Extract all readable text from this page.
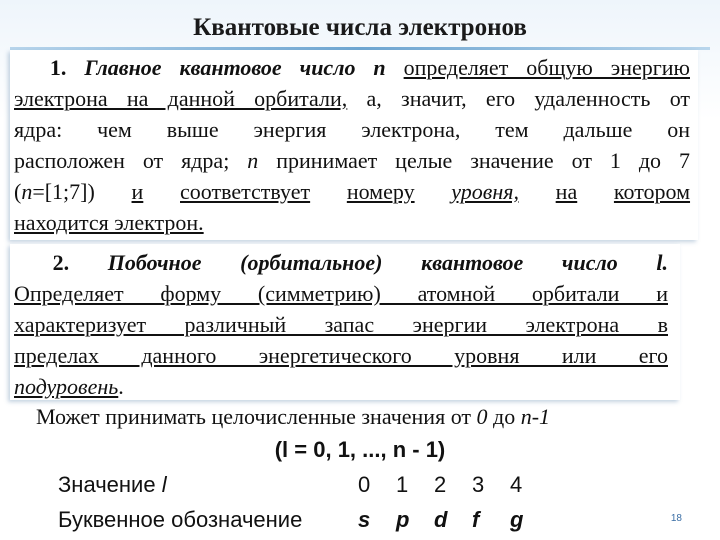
Квантовые числа электронов
1. Главное квантовое число n определяет общую энергию
электрона на данной орбитали, а, значит, его удаленность от
ядра: чем выше энергия электрона, тем дальше он
расположен от ядра; n принимает целые значение от 1 до 7
(n=[1;7]) и соответствует номеру уровня, на котором
находится электрон.
2. Побочное (орбитальное) квантовое число l.
Определяет форму (симметрию) атомной орбитали и
характеризует различный запас энергии электрона в
пределах данного энергетического уровня или его
подуровень.
Может принимать целочисленные значения от 0 до n-1
(l = 0, 1, ..., n - 1)
Значение l	0 1 2 3 4
Буквенное обозначение	s p d f g	18
